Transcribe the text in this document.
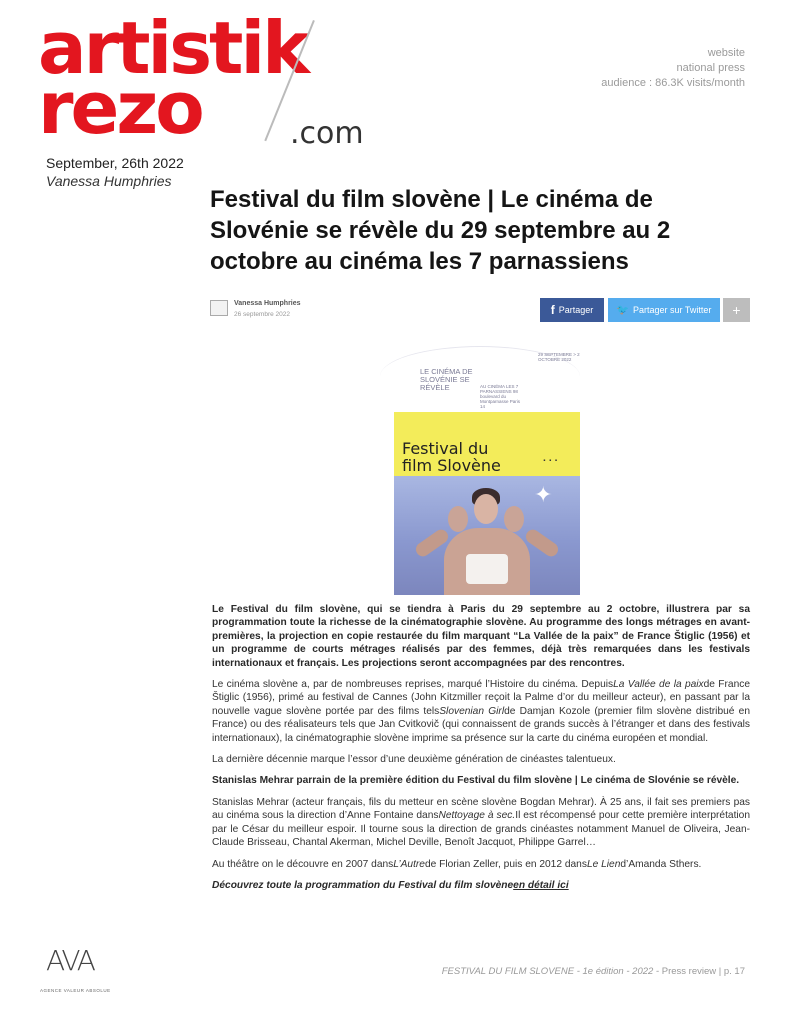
artistik
rezo	.com
website
national press
audience : 86.3K visits/month
September, 26th 2022
Vanessa Humphries
Festival du film slovène | Le cinéma de Slovénie se révèle du 29 septembre au 2 octobre au cinéma les 7 parnassiens
Vanessa Humphries
26 septembre 2022	f Partager 🐦 Partager sur Twitter	+
LE CINÉMA DE SLOVÉNIE SE RÉVÈLE	AU CINÉMA LES 7 PARNASSIENS 98 boulevard du Montparnasse Paris 14
29 SEPTEMBRE > 2 OCTOBRE 2022
Festival du film Slovène	▪ ▪ ▪
✦

Le Festival du film slovène, qui se tiendra à Paris du 29 septembre au 2 octobre, illustrera par sa programmation toute la richesse de la cinématographie slovène. Au programme des longs métrages en avant-premières, la projection en copie restaurée du film marquant “La Vallée de la paix” de France Štiglic (1956) et un programme de courts métrages réalisés par des femmes, déjà très remarquées dans les festivals internationaux et français. Les projections seront accompagnées par des rencontres.

Le cinéma slovène a, par de nombreuses reprises, marqué l’Histoire du cinéma. DepuisLa Vallée de la paixde France Štiglic (1956), primé au festival de Cannes (John Kitzmiller reçoit la Palme d’or du meilleur acteur), en passant par la nouvelle vague slovène portée par des films telsSlovenian Girlde Damjan Kozole (premier film slovène distribué en France) ou des réalisateurs tels que Jan Cvitkovič (qui connaissent de grands succès à l’étranger et dans des festivals internationaux), la cinématographie slovène imprime sa présence sur la carte du cinéma européen et mondial.

La dernière décennie marque l’essor d’une deuxième génération de cinéastes talentueux.

Stanislas Mehrar parrain de la première édition du Festival du film slovène | Le cinéma de Slovénie se révèle.

Stanislas Mehrar (acteur français, fils du metteur en scène slovène Bogdan Mehrar). À 25 ans, il fait ses premiers pas au cinéma sous la direction d’Anne Fontaine dansNettoyage à sec.Il est récompensé pour cette première interprétation par le César du meilleur espoir. Il tourne sous la direction de grands cinéastes notamment Manuel de Oliveira, Jean-Claude Brisseau, Chantal Akerman, Michel Deville, Benoît Jacquot, Philippe Garrel…

Au théâtre on le découvre en 2007 dansL’Autrede Florian Zeller, puis en 2012 dansLe Liend’Amanda Sthers.

Découvrez toute la programmation du Festival du film slovèneen détail ici

AVA
AGENCE VALEUR ABSOLUE
FESTIVAL DU FILM SLOVENE - 1e édition - 2022 - Press review | p. 17
